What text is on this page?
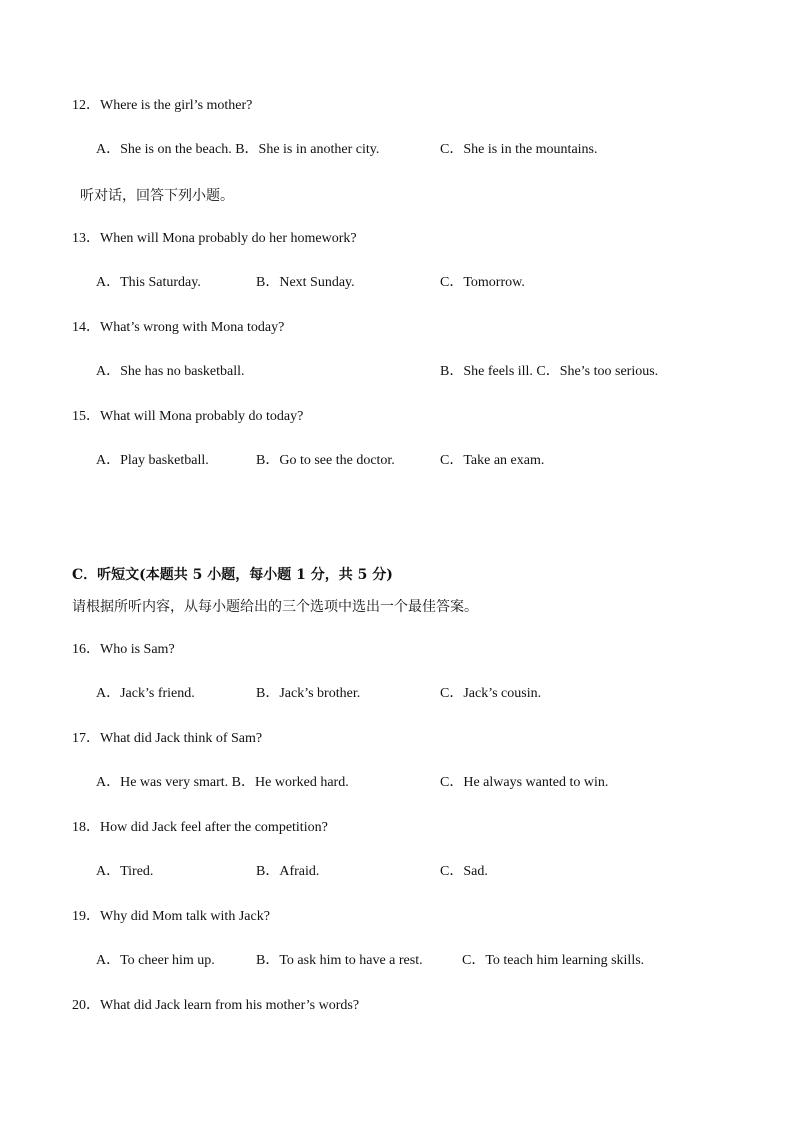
12．Where is the girl’s mother?
A．She is on the beach. B．She is in another city.	C．She is in the mountains.
听对话，回答下列小题。
13．When will Mona probably do her homework?
A．This Saturday.	B．Next Sunday.	C．Tomorrow.
14．What’s wrong with Mona today?
A．She has no basketball.	B．She feels ill. C．She’s too serious.
15．What will Mona probably do today?
A．Play basketball.	B．Go to see the doctor.	C．Take an exam.
C．听短文(本题共 5 小题，每小题 1 分，共 5 分)
请根据所听内容，从每小题给出的三个选项中选出一个最佳答案。
16．Who is Sam?
A．Jack’s friend.	B．Jack’s brother.	C．Jack’s cousin.
17．What did Jack think of Sam?
A．He was very smart. B．He worked hard.	C．He always wanted to win.
18．How did Jack feel after the competition?
A．Tired.	B．Afraid.	C．Sad.
19．Why did Mom talk with Jack?
A．To cheer him up.	B．To ask him to have a rest.	C．To teach him learning skills.
20．What did Jack learn from his mother’s words?
